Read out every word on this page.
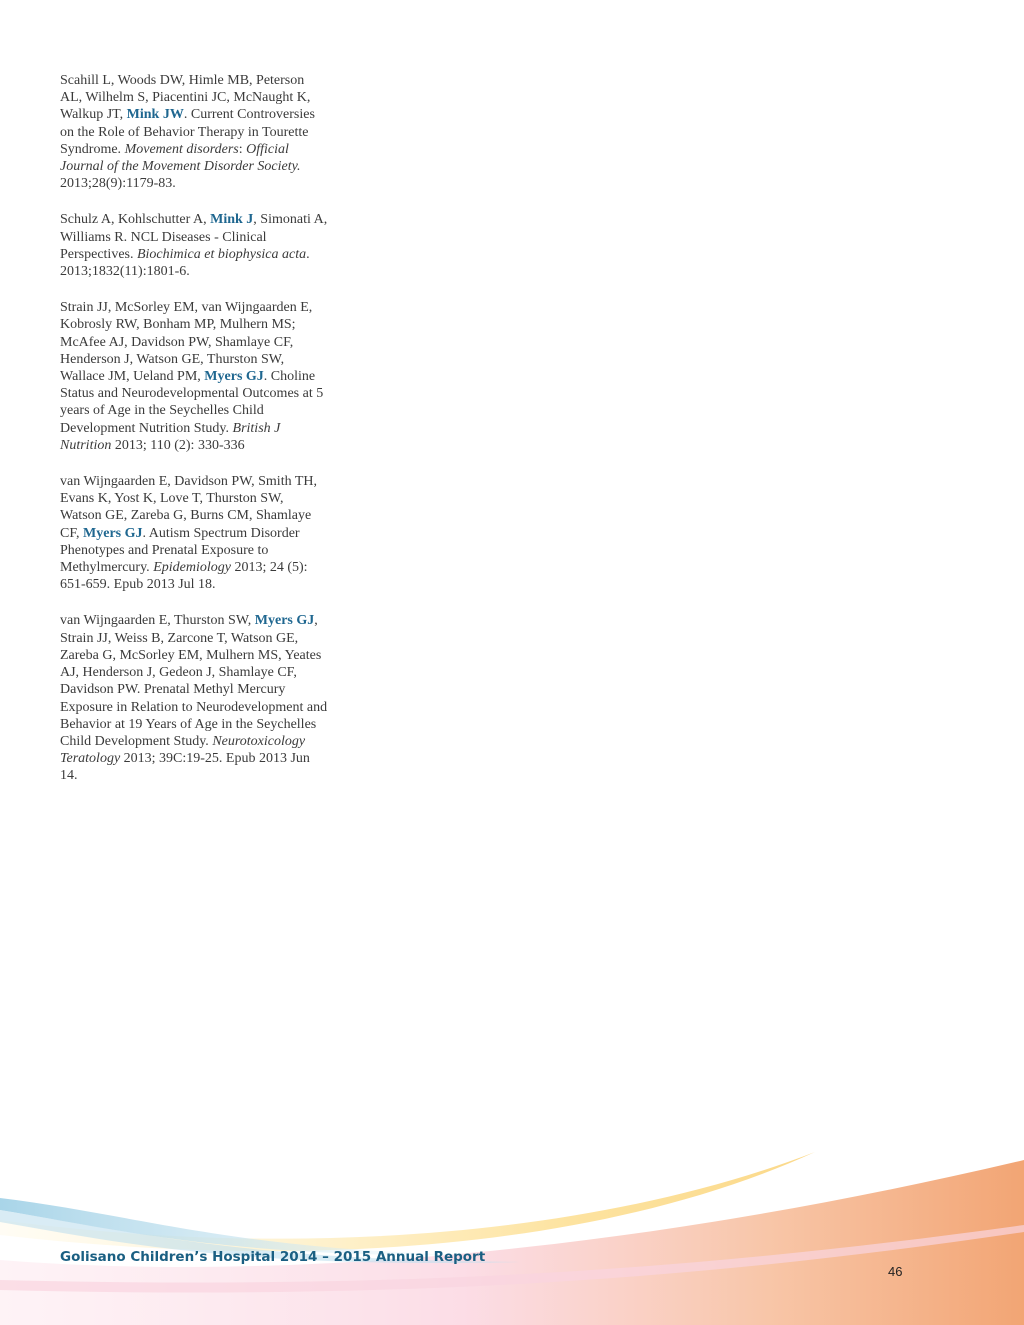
Scahill L, Woods DW, Himle MB, Peterson AL, Wilhelm S, Piacentini JC, McNaught K, Walkup JT, Mink JW. Current Controversies on the Role of Behavior Therapy in Tourette Syndrome. Movement disorders: Official Journal of the Movement Disorder Society. 2013;28(9):1179-83.

Schulz A, Kohlschutter A, Mink J, Simonati A, Williams R. NCL Diseases - Clinical Perspectives. Biochimica et biophysica acta. 2013;1832(11):1801-6.

Strain JJ, McSorley EM, van Wijngaarden E, Kobrosly RW, Bonham MP, Mulhern MS; McAfee AJ, Davidson PW, Shamlaye CF, Henderson J, Watson GE, Thurston SW, Wallace JM, Ueland PM, Myers GJ. Choline Status and Neurodevelopmental Outcomes at 5 years of Age in the Seychelles Child Development Nutrition Study. British J Nutrition 2013; 110 (2): 330-336

van Wijngaarden E, Davidson PW, Smith TH, Evans K, Yost K, Love T, Thurston SW, Watson GE, Zareba G, Burns CM, Shamlaye CF, Myers GJ. Autism Spectrum Disorder Phenotypes and Prenatal Exposure to Methylmercury. Epidemiology 2013; 24 (5): 651-659. Epub 2013 Jul 18.

van Wijngaarden E, Thurston SW, Myers GJ, Strain JJ, Weiss B, Zarcone T, Watson GE, Zareba G, McSorley EM, Mulhern MS, Yeates AJ, Henderson J, Gedeon J, Shamlaye CF, Davidson PW. Prenatal Methyl Mercury Exposure in Relation to Neurodevelopment and Behavior at 19 Years of Age in the Seychelles Child Development Study. Neurotoxicology Teratology 2013; 39C:19-25. Epub 2013 Jun 14.

Golisano Children’s Hospital 2014 – 2015 Annual Report
46
